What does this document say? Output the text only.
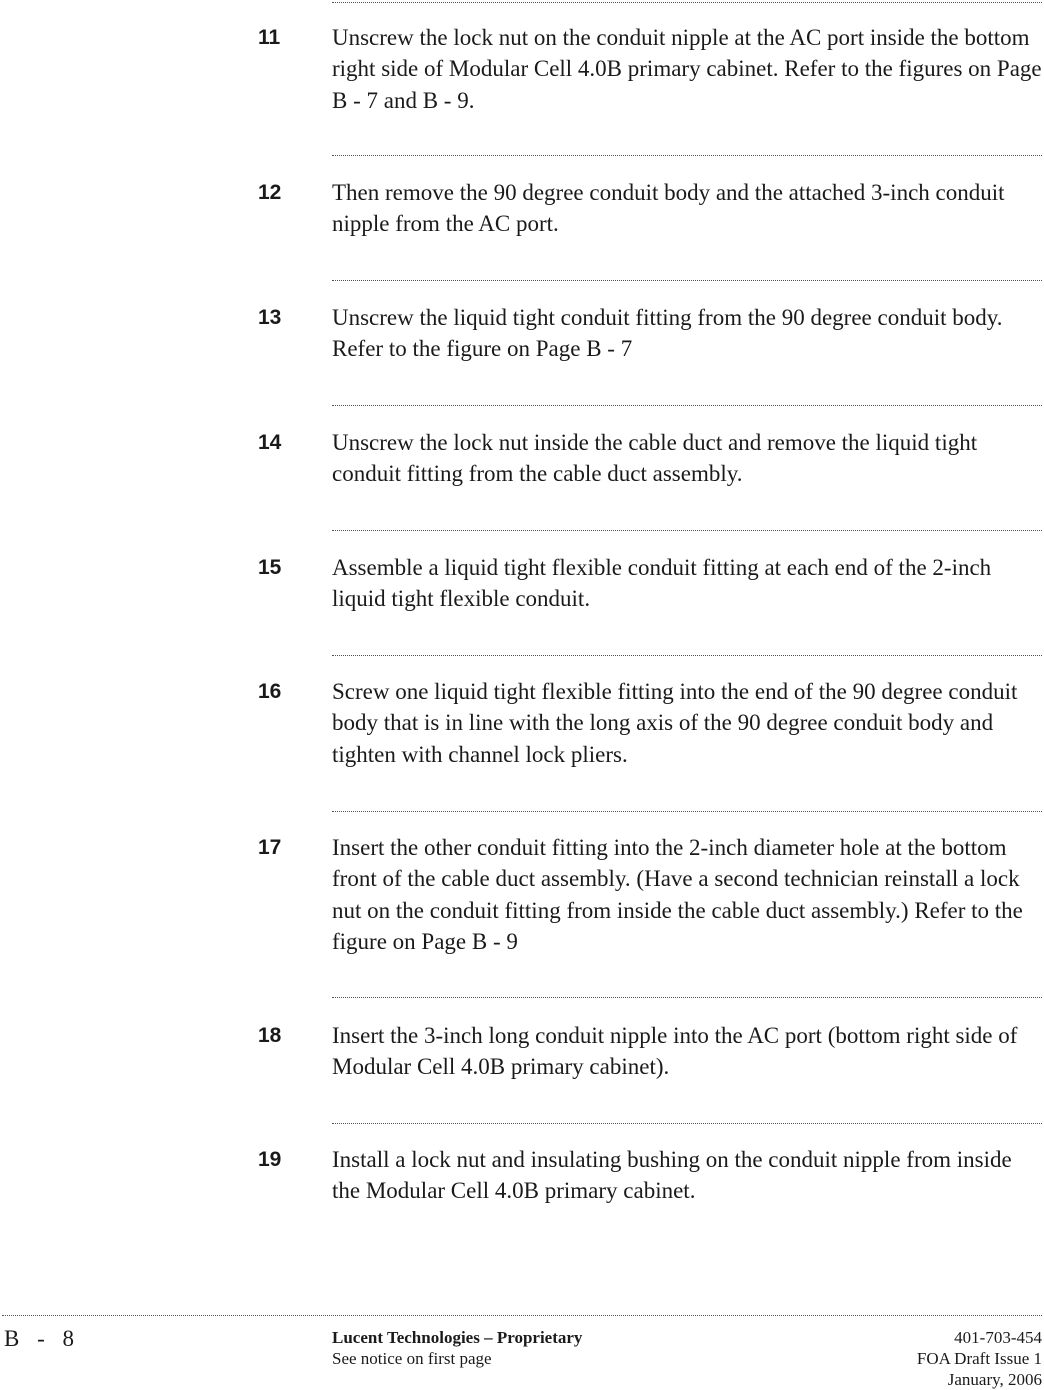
11 Unscrew the lock nut on the conduit nipple at the AC port inside the bottom right side of Modular Cell 4.0B primary cabinet. Refer to the figures on Page B - 7 and B - 9.
12 Then remove the 90 degree conduit body and the attached 3-inch conduit nipple from the AC port.
13 Unscrew the liquid tight conduit fitting from the 90 degree conduit body. Refer to the figure on Page B - 7
14 Unscrew the lock nut inside the cable duct and remove the liquid tight conduit fitting from the cable duct assembly.
15 Assemble a liquid tight flexible conduit fitting at each end of the 2-inch liquid tight flexible conduit.
16 Screw one liquid tight flexible fitting into the end of the 90 degree conduit body that is in line with the long axis of the 90 degree conduit body and tighten with channel lock pliers.
17 Insert the other conduit fitting into the 2-inch diameter hole at the bottom front of the cable duct assembly. (Have a second technician reinstall a lock nut on the conduit fitting from inside the cable duct assembly.) Refer to the figure on Page B - 9
18 Insert the 3-inch long conduit nipple into the AC port (bottom right side of Modular Cell 4.0B primary cabinet).
19 Install a lock nut and insulating bushing on the conduit nipple from inside the Modular Cell 4.0B primary cabinet.
B - 8	Lucent Technologies – Proprietary
See notice on first page
401-703-454
FOA Draft Issue 1
January, 2006
